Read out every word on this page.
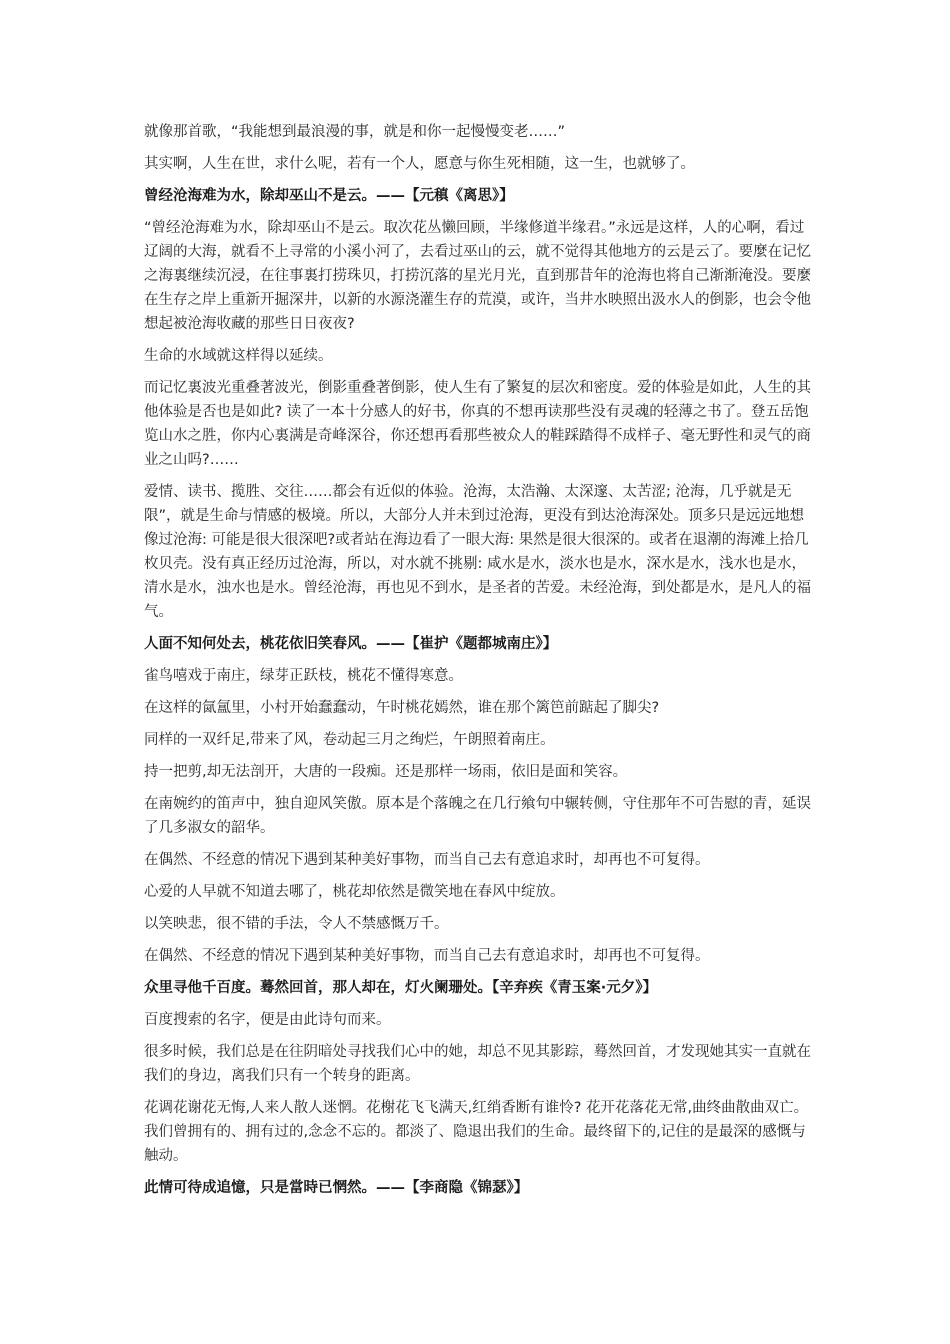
就像那首歌，“我能想到最浪漫的事，就是和你一起慢慢变老……”

其实啊，人生在世，求什么呢，若有一个人，愿意与你生死相随，这一生，也就够了。

曾经沧海难为水，除却巫山不是云。——【元稹《离思》】

“曾经沧海难为水，除却巫山不是云。取次花丛懒回顾，半缘修道半缘君。”永远是这样，人的心啊，看过辽阔的大海，就看不上寻常的小溪小河了，去看过巫山的云，就不觉得其他地方的云是云了。要麼在记忆之海裏继续沉浸，在往事裏打捞珠贝，打捞沉落的星光月光，直到那昔年的沧海也将自己渐渐淹没。要麼在生存之岸上重新开掘深井，以新的水源浇灌生存的荒漠，或许，当井水映照出汲水人的倒影，也会令他想起被沧海收藏的那些日日夜夜?

生命的水域就这样得以延续。

而记忆裏波光重叠著波光，倒影重叠著倒影，使人生有了繁复的层次和密度。爱的体验是如此，人生的其他体验是否也是如此? 读了一本十分感人的好书，你真的不想再读那些没有灵魂的轻薄之书了。登五岳饱览山水之胜，你内心裏满是奇峰深谷，你还想再看那些被众人的鞋踩踏得不成样子、毫无野性和灵气的商业之山吗?……

爱情、读书、揽胜、交往……都会有近似的体验。沧海，太浩瀚、太深邃、太苦涩; 沧海，几乎就是无限”，就是生命与情感的极境。所以，大部分人并未到过沧海，更没有到达沧海深处。顶多只是远远地想像过沧海: 可能是很大很深吧?或者站在海边看了一眼大海: 果然是很大很深的。或者在退潮的海滩上拾几枚贝壳。没有真正经历过沧海，所以，对水就不挑剔: 咸水是水，淡水也是水，深水是水，浅水也是水，清水是水，浊水也是水。曾经沧海，再也见不到水，是圣者的苦爱。未经沧海，到处都是水，是凡人的福气。

人面不知何处去，桃花依旧笑春风。——【崔护《题都城南庄》】

雀鸟嘻戏于南庄，绿芽正跃枝，桃花不懂得寒意。

在这样的氤氲里，小村开始蠢蠢动，午时桃花嫣然，谁在那个篱笆前踮起了脚尖?

同样的一双纤足,带来了风，卷动起三月之绚烂，午朗照着南庄。

持一把剪,却无法剖开，大唐的一段痴。还是那样一场雨，依旧是面和笑容。

在南婉约的笛声中，独自迎风笑傲。原本是个落魄之在几行飨句中辗转侧，守住那年不可告慰的青，延误了几多淑女的韶华。

在偶然、不经意的情况下遇到某种美好事物，而当自己去有意追求时，却再也不可复得。

心爱的人早就不知道去哪了，桃花却依然是微笑地在春风中绽放。

以笑映悲，很不错的手法，令人不禁感慨万千。

在偶然、不经意的情况下遇到某种美好事物，而当自己去有意追求时，却再也不可复得。

众里寻他千百度。蓦然回首，那人却在，灯火阑珊处。【辛弃疾《青玉案·元夕》】

百度搜索的名字，便是由此诗句而来。

很多时候，我们总是在往阴暗处寻找我们心中的她，却总不见其影踪，蓦然回首，才发现她其实一直就在我们的身边，离我们只有一个转身的距离。

花调花谢花无悔,人来人散人迷惘。花榭花飞飞满天,红绡香断有谁怜? 花开花落花无常,曲终曲散曲双亡。我们曾拥有的、拥有过的,念念不忘的。都淡了、隐退出我们的生命。最终留下的,记住的是最深的感慨与触动。

此情可待成追憶，只是當時已惘然。——【李商隐《锦瑟》】
